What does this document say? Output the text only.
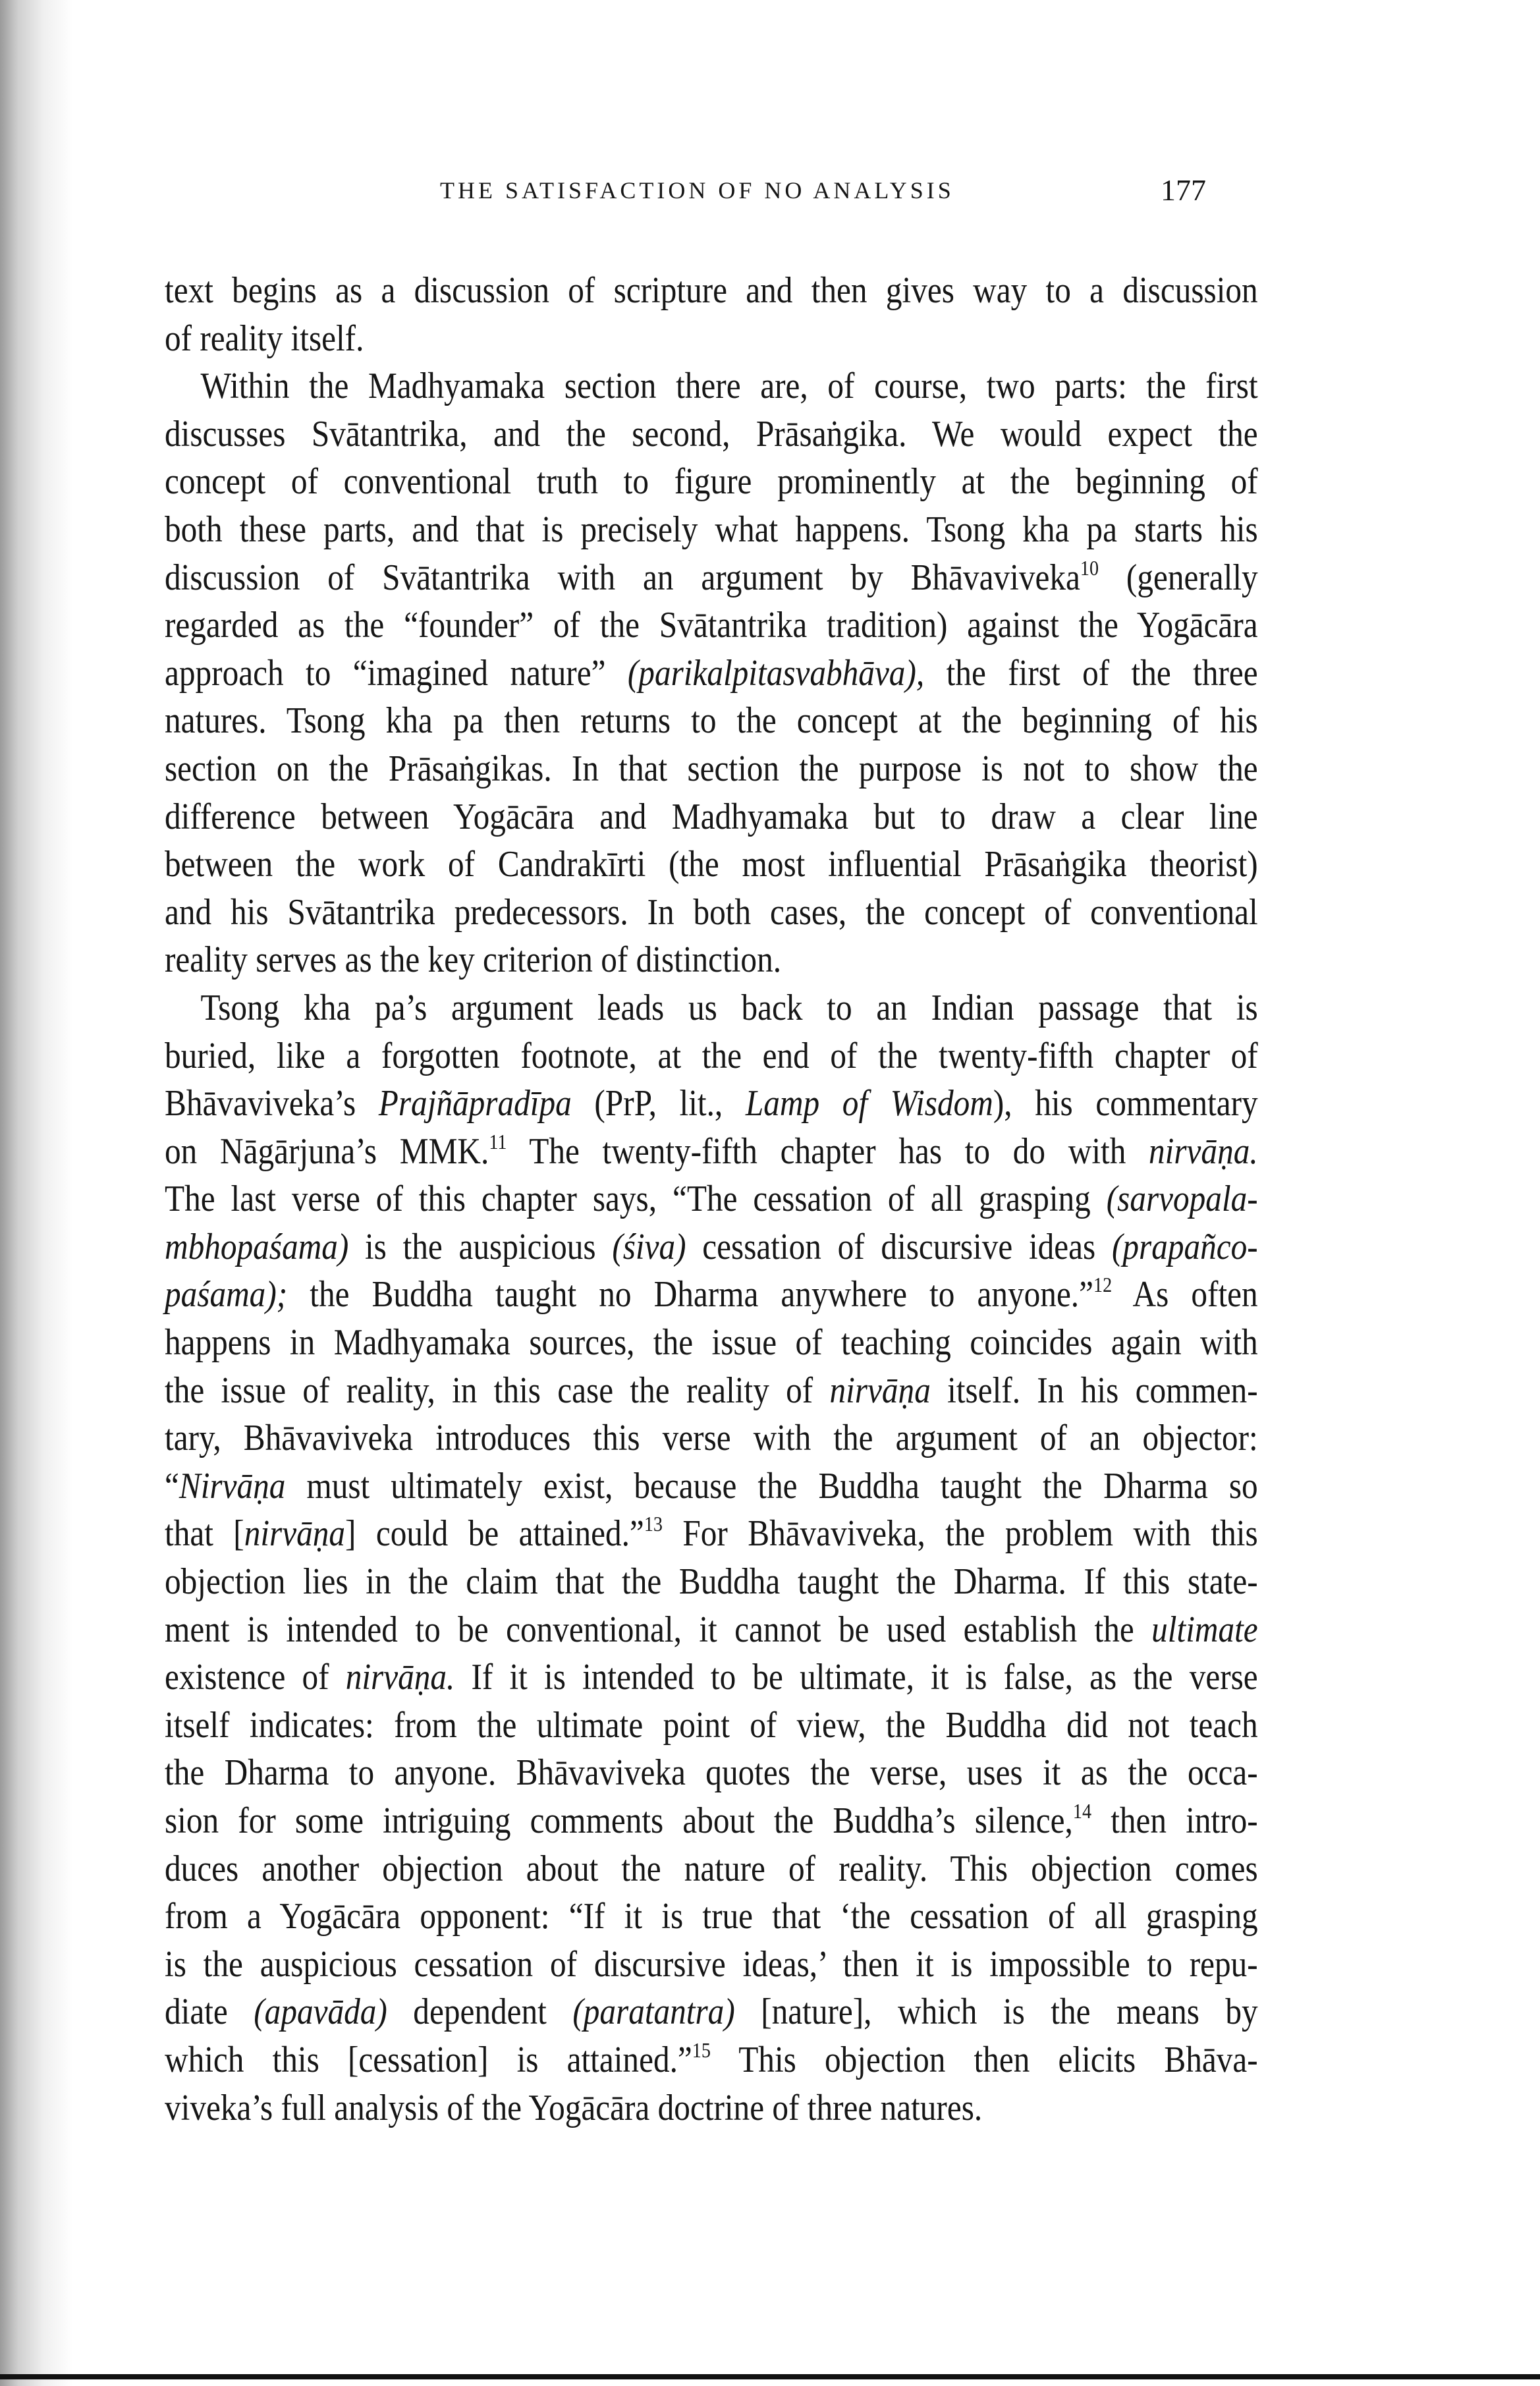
THE SATISFACTION OF NO ANALYSIS	177
text begins as a discussion of scripture and then gives way to a discussion
of reality itself.
Within the Madhyamaka section there are, of course, two parts: the first
discusses Svātantrika, and the second, Prāsaṅgika. We would expect the
concept of conventional truth to figure prominently at the beginning of
both these parts, and that is precisely what happens. Tsong kha pa starts his
discussion of Svātantrika with an argument by Bhāvaviveka$^{10}$ (generally
regarded as the “founder” of the Svātantrika tradition) against the Yogācāra
approach to “imagined nature” (parikalpitasvabhāva), the first of the three
natures. Tsong kha pa then returns to the concept at the beginning of his
section on the Prāsaṅgikas. In that section the purpose is not to show the
difference between Yogācāra and Madhyamaka but to draw a clear line
between the work of Candrakīrti (the most influential Prāsaṅgika theorist)
and his Svātantrika predecessors. In both cases, the concept of conventional
reality serves as the key criterion of distinction.
Tsong kha pa’s argument leads us back to an Indian passage that is
buried, like a forgotten footnote, at the end of the twenty-fifth chapter of
Bhāvaviveka’s Prajñāpradīpa (PrP, lit., Lamp of Wisdom), his commentary
on Nāgārjuna’s MMK.$^{11}$ The twenty-fifth chapter has to do with nirvāṇa.
The last verse of this chapter says, “The cessation of all grasping (sarvopala-
mbhopaśama) is the auspicious (śiva) cessation of discursive ideas (prapañco-
paśama); the Buddha taught no Dharma anywhere to anyone.”$^{12}$ As often
happens in Madhyamaka sources, the issue of teaching coincides again with
the issue of reality, in this case the reality of nirvāṇa itself. In his commen-
tary, Bhāvaviveka introduces this verse with the argument of an objector:
“Nirvāṇa must ultimately exist, because the Buddha taught the Dharma so
that [nirvāṇa] could be attained.”$^{13}$ For Bhāvaviveka, the problem with this
objection lies in the claim that the Buddha taught the Dharma. If this state-
ment is intended to be conventional, it cannot be used establish the ultimate
existence of nirvāṇa. If it is intended to be ultimate, it is false, as the verse
itself indicates: from the ultimate point of view, the Buddha did not teach
the Dharma to anyone. Bhāvaviveka quotes the verse, uses it as the occa-
sion for some intriguing comments about the Buddha’s silence,$^{14}$ then intro-
duces another objection about the nature of reality. This objection comes
from a Yogācāra opponent: “If it is true that ‘the cessation of all grasping
is the auspicious cessation of discursive ideas,’ then it is impossible to repu-
diate (apavāda) dependent (paratantra) [nature], which is the means by
which this [cessation] is attained.”$^{15}$ This objection then elicits Bhāva-
viveka’s full analysis of the Yogācāra doctrine of three natures.
